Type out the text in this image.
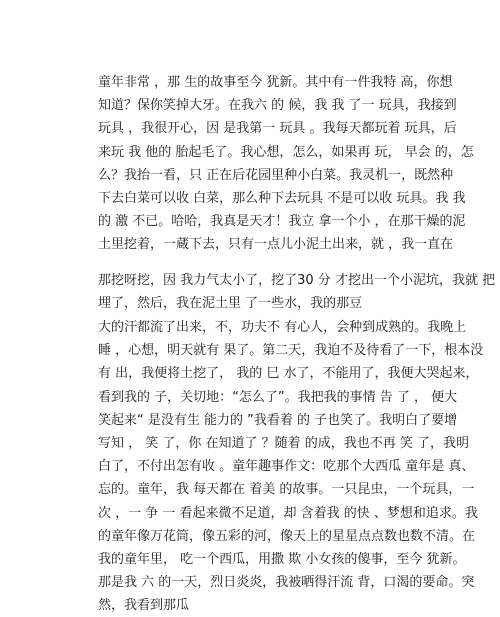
童年非常 ，那 生的故事至今 犹新。其中有一件我特 高，你想
知道？保你笑掉大牙。在我六 的 候，我 我 了一 玩具，我接到
玩具 ，我很开心，因 是我第一 玩具 。我每天都玩着 玩具，后
来玩 我 他的 胎起毛了。我心想，怎么，如果再 玩， 早会 的，怎
么？我抬一看，只 正在后花园里种小白菜。我灵机一，既然种
下去白菜可以收 白菜，那么种下去玩具 不是可以收 玩具。我 我
的 激 不已。哈哈，我真是天才！我立 拿一个小 ，在那干燥的泥
土里挖着，一蔵下去，只有一点儿小泥土出来，就 ，我一直在
那挖呀挖，因 我力气太小了，挖了30 分 才挖出一个小泥坑，我就 把
埋了，然后，我在泥土里 了一些水，我的那豆
大的汗都流了出来，不，功夫不 有心人，会种到成熟的。我晚上
睡 ，心想，明天就有 果了。第二天，我迫不及待看了一下，根本没
有 出，我便将土挖了， 我的 巳 水了，不能用了，我便大哭起来，
看到我的 子，关切地：“怎么了”。我把我的事情 告 了 ， 便大
笑起来“ 是没有生 能力的 ”我看着 的 子也笑了。我明白了要增
写知 ， 笑 了，你 在知道了 ？随着 的成，我也不再 笑 了，我明
白了，不付出怎有收 。童年趣事作文：吃那个大西瓜 童年是 真、
忘的。童年，我 每天都在 着美 的故事。一只昆虫，一个玩具，一
次 ，一 争 一 看起来微不足道，却 含着我 的快 、梦想和追求。我
的童年像万花筒，像五彩的河，像天上的星星点点数也数不清。在
我的童年里， 吃一个西瓜，用撒 欺 小女孩的傻事，至今 犹新。
那是我 六 的一天，烈日炎炎，我被晒得汗流 背，口渴的要命。突
然，我看到那瓜
